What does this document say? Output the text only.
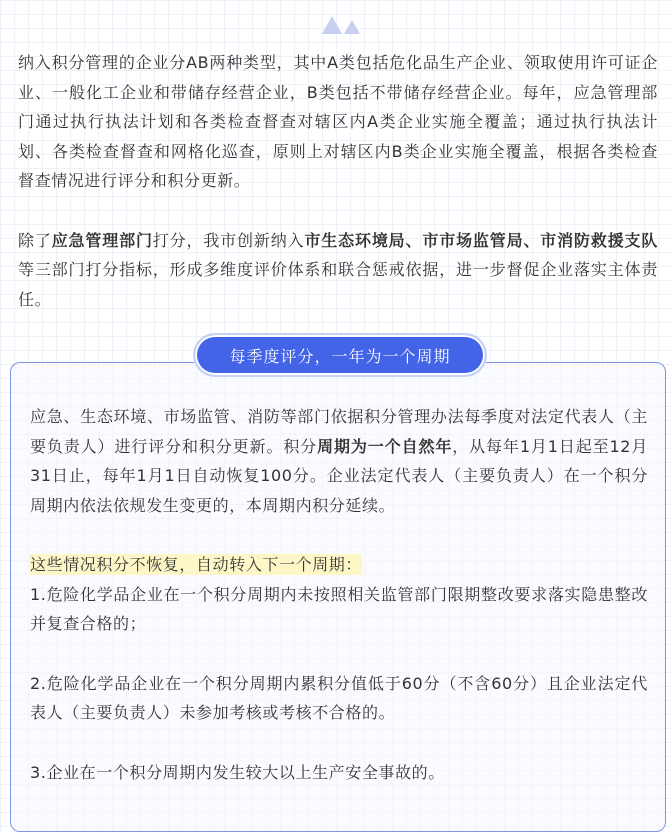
纳入积分管理的企业分AB两种类型，其中A类包括危化品生产企业、领取使用许可证企业、一般化工企业和带储存经营企业，B类包括不带储存经营企业。每年，应急管理部门通过执行执法计划和各类检查督查对辖区内A类企业实施全覆盖；通过执行执法计划、各类检查督查和网格化巡查，原则上对辖区内B类企业实施全覆盖，根据各类检查督查情况进行评分和积分更新。

除了应急管理部门打分，我市创新纳入市生态环境局、市市场监管局、市消防救援支队等三部门打分指标，形成多维度评价体系和联合惩戒依据，进一步督促企业落实主体责任。

每季度评分，一年为一个周期

应急、生态环境、市场监管、消防等部门依据积分管理办法每季度对法定代表人（主要负责人）进行评分和积分更新。积分周期为一个自然年，从每年1月1日起至12月31日止，每年1月1日自动恢复100分。企业法定代表人（主要负责人）在一个积分周期内依法依规发生变更的，本周期内积分延续。

这些情况积分不恢复，自动转入下一个周期：

1.危险化学品企业在一个积分周期内未按照相关监管部门限期整改要求落实隐患整改并复查合格的；

2.危险化学品企业在一个积分周期内累积分值低于60分（不含60分）且企业法定代表人（主要负责人）未参加考核或考核不合格的。

3.企业在一个积分周期内发生较大以上生产安全事故的。
